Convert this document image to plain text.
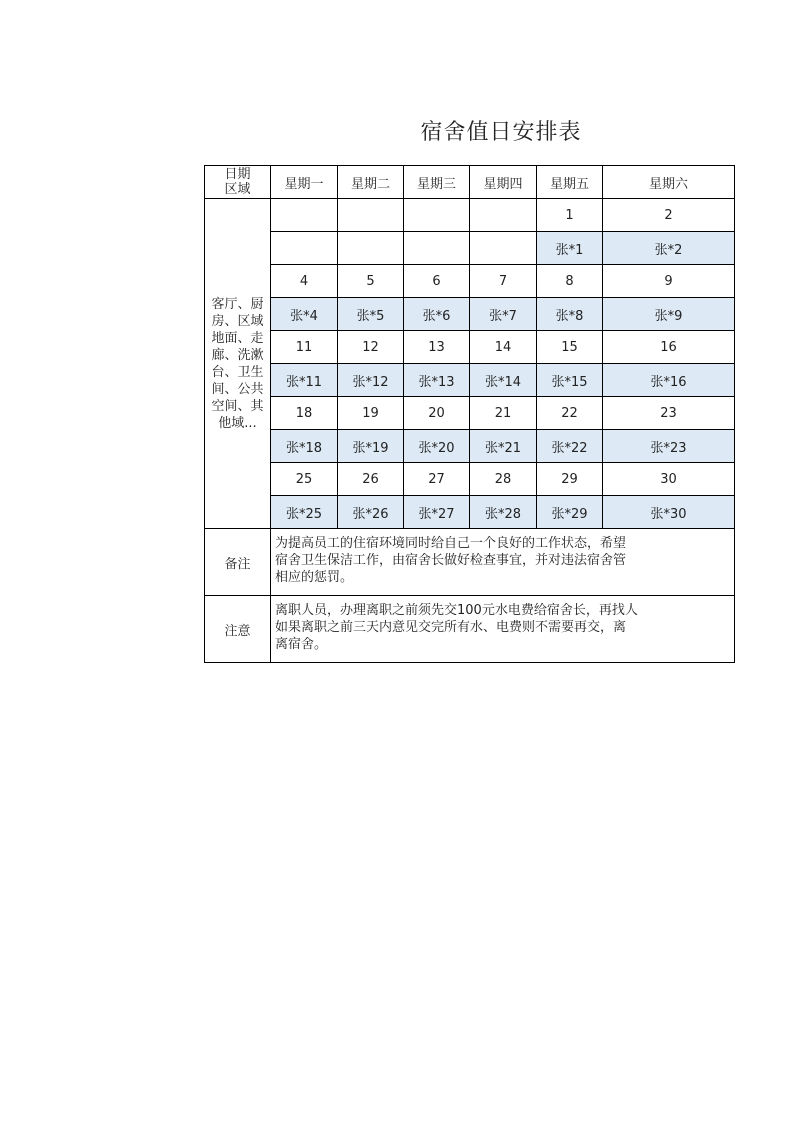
宿舍值日安排表
日期
区域	星期一	星期二	星期三	星期四	星期五	星期六
客厅、厨房、区域地面、走廊、洗漱台、卫生间、公共空间、其他域...					1	2
					张*1	张*2
	4	5	6	7	8	9
	张*4	张*5	张*6	张*7	张*8	张*9
	11	12	13	14	15	16
	张*11	张*12	张*13	张*14	张*15	张*16
	18	19	20	21	22	23
	张*18	张*19	张*20	张*21	张*22	张*23
	25	26	27	28	29	30
	张*25	张*26	张*27	张*28	张*29	张*30
备注	为提高员工的住宿环境同时给自己一个良好的工作状态，希望
宿舍卫生保洁工作，由宿舍长做好检查事宜，并对违法宿舍管
相应的惩罚。					

注意	离职人员，办理离职之前须先交100元水电费给宿舍长，再找人
如果离职之前三天内意见交完所有水、电费则不需要再交，离
离宿舍。					
